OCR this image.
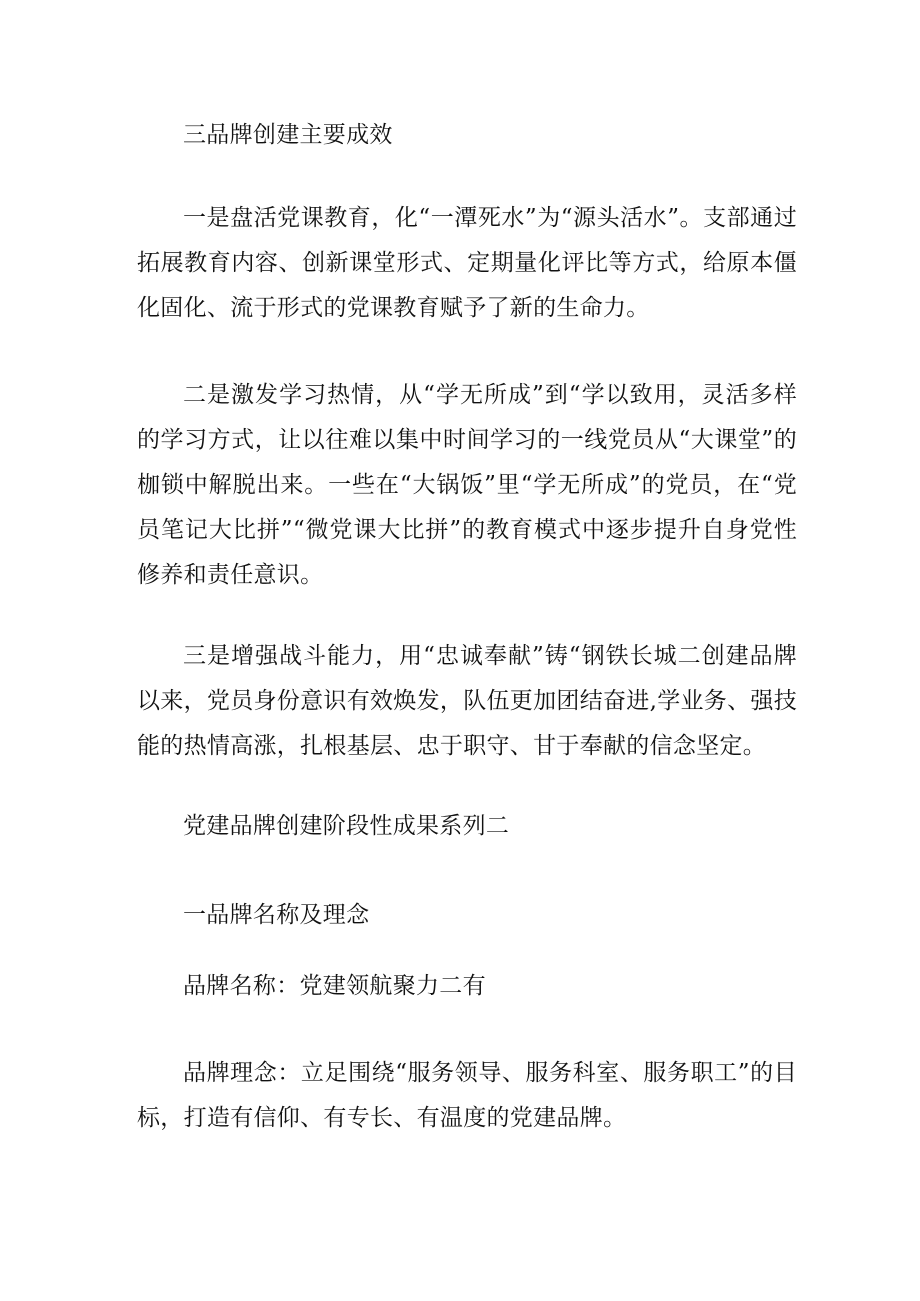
三品牌创建主要成效

一是盘活党课教育，化“一潭死水”为“源头活水”。支部通过拓展教育内容、创新课堂形式、定期量化评比等方式，给原本僵化固化、流于形式的党课教育赋予了新的生命力。

二是激发学习热情，从“学无所成”到“学以致用，灵活多样的学习方式，让以往难以集中时间学习的一线党员从“大课堂”的枷锁中解脱出来。一些在“大锅饭”里“学无所成”的党员，在“党员笔记大比拼”“微党课大比拼”的教育模式中逐步提升自身党性修养和责任意识。

三是增强战斗能力，用“忠诚奉献”铸“钢铁长城二创建品牌以来，党员身份意识有效焕发，队伍更加团结奋进,学业务、强技能的热情高涨，扎根基层、忠于职守、甘于奉献的信念坚定。

党建品牌创建阶段性成果系列二

一品牌名称及理念

品牌名称：党建领航聚力二有

品牌理念：立足围绕“服务领导、服务科室、服务职工”的目标，打造有信仰、有专长、有温度的党建品牌。
